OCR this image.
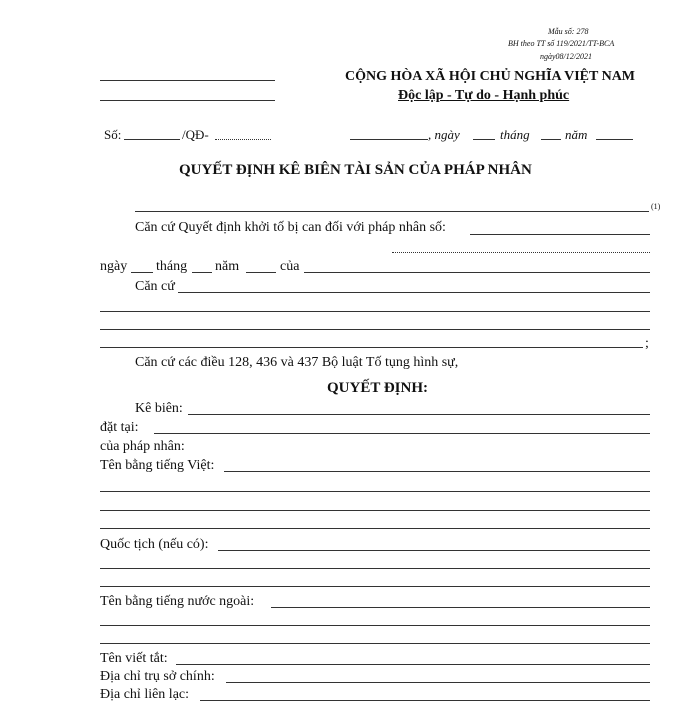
Mẫu số: 278
BH theo TT số 119/2021/TT-BCA
ngày08/12/2021
CỘNG HÒA XÃ HỘI CHỦ NGHĨA VIỆT NAM
Độc lập - Tự do - Hạnh phúc
Số:	/QĐ-	, ngày	tháng	năm
QUYẾT ĐỊNH KÊ BIÊN TÀI SẢN CỦA PHÁP NHÂN
(1)
Căn cứ Quyết định khởi tố bị can đối với pháp nhân số:
ngày tháng năm	của
Căn cứ
;
Căn cứ các điều 128, 436 và 437 Bộ luật Tố tụng hình sự,
QUYẾT ĐỊNH:
Kê biên:
đặt tại:
của pháp nhân:
Tên bằng tiếng Việt:
Quốc tịch (nếu có):
Tên bằng tiếng nước ngoài:
Tên viết tắt:
Địa chỉ trụ sở chính:
Địa chỉ liên lạc:
